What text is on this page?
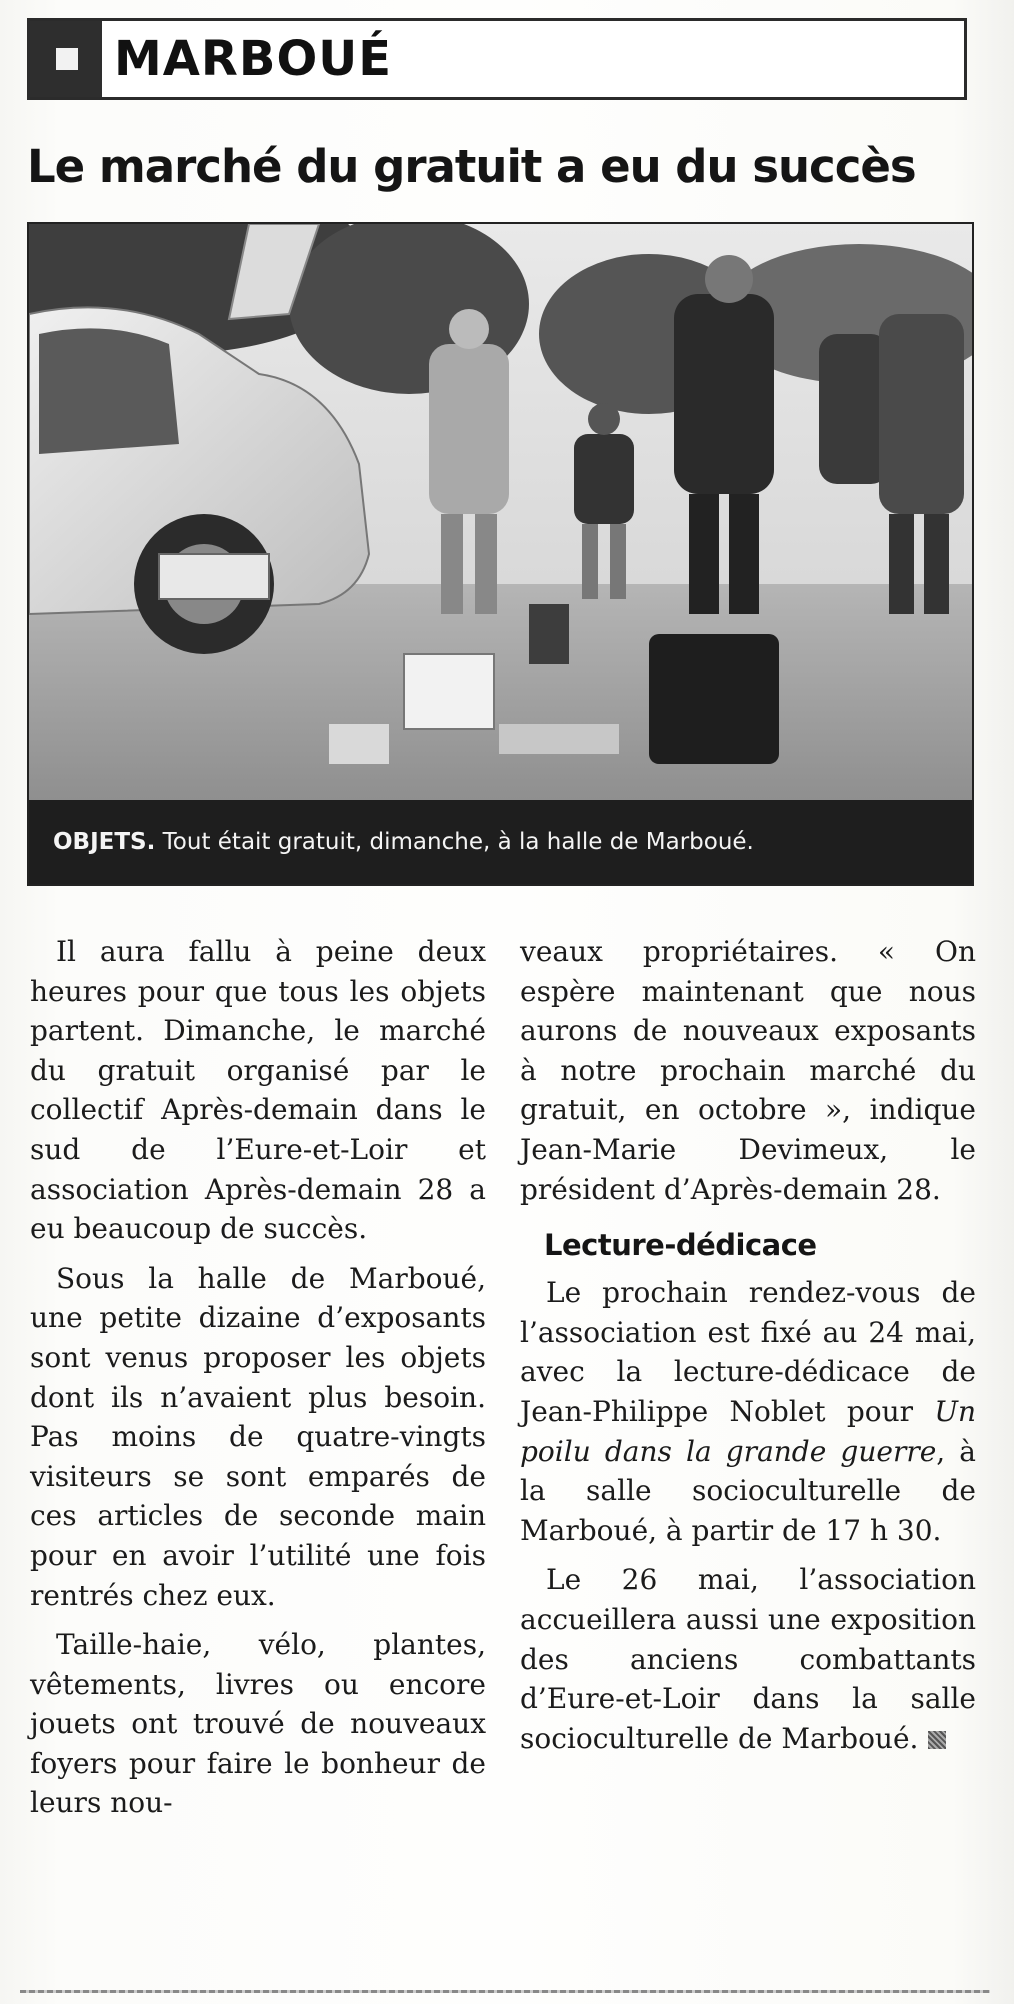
MARBOUÉ
Le marché du gratuit a eu du succès
OBJETS. Tout était gratuit, dimanche, à la halle de Marboué.

Il aura fallu à peine deux heures pour que tous les objets partent. Dimanche, le marché du gratuit organisé par le collectif Après-demain dans le sud de l’Eure-et-Loir et association Après-demain 28 a eu beaucoup de succès.

Sous la halle de Marboué, une petite dizaine d’exposants sont venus proposer les objets dont ils n’avaient plus besoin. Pas moins de quatre-vingts visiteurs se sont emparés de ces articles de seconde main pour en avoir l’utilité une fois rentrés chez eux.

Taille-haie, vélo, plantes, vêtements, livres ou encore jouets ont trouvé de nouveaux foyers pour faire le bonheur de leurs nou-

veaux propriétaires. « On espère maintenant que nous aurons de nouveaux exposants à notre prochain marché du gratuit, en octobre », indique Jean-Marie Devimeux, le président d’Après-demain 28.

Lecture-dédicace

Le prochain rendez-vous de l’association est fixé au 24 mai, avec la lecture-dédicace de Jean-Philippe Noblet pour Un poilu dans la grande guerre, à la salle socioculturelle de Marboué, à partir de 17 h 30.

Le 26 mai, l’association accueillera aussi une exposition des anciens combattants d’Eure-et-Loir dans la salle socioculturelle de Marboué.
